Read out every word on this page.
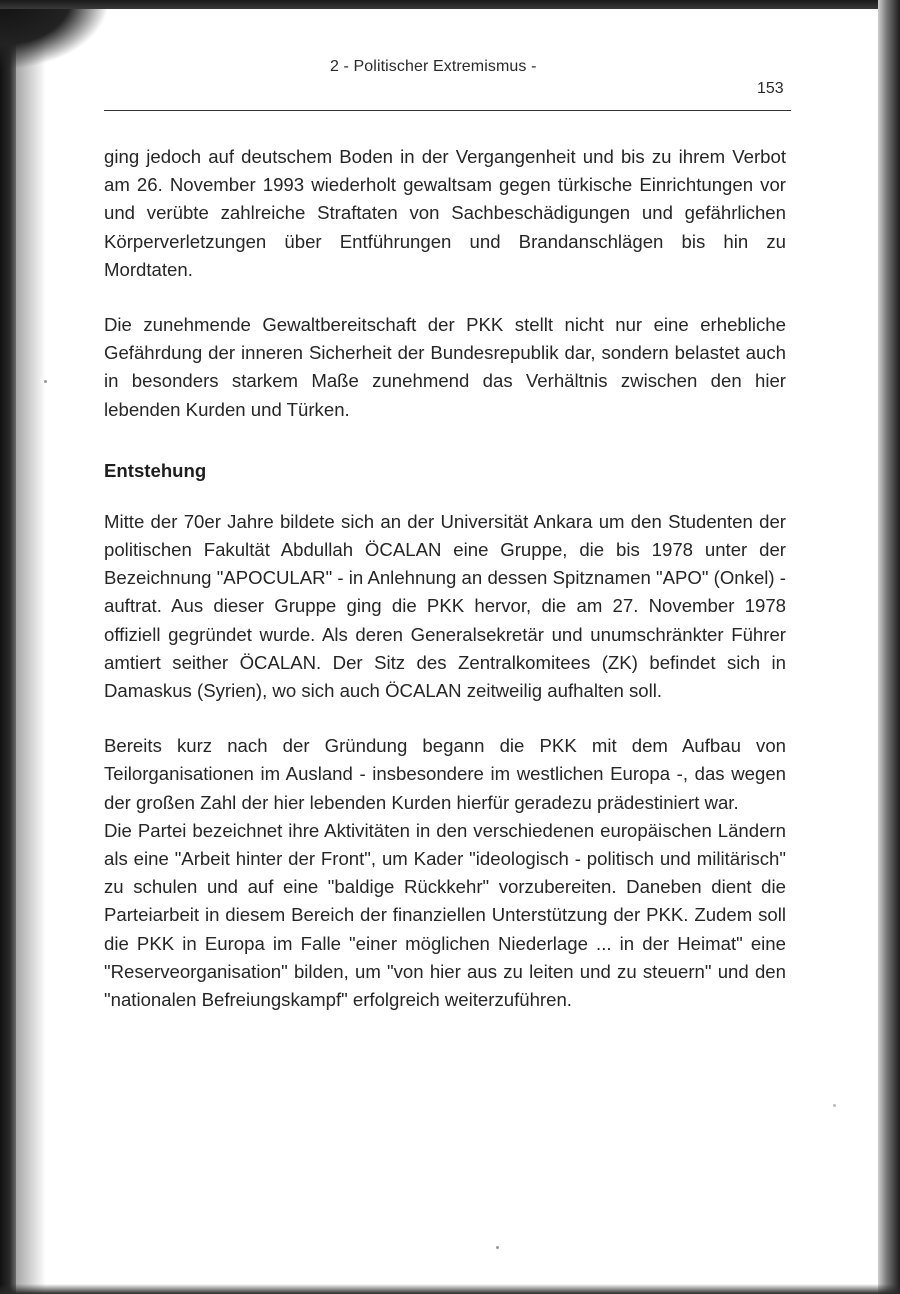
2 - Politischer Extremismus -
153

ging jedoch auf deutschem Boden in der Vergangenheit und bis zu ihrem Verbot am 26. November 1993 wiederholt gewaltsam gegen türkische Einrichtungen vor und verübte zahlreiche Straftaten von Sachbeschädigungen und gefährlichen Körperverletzungen über Entführungen und Brandanschlägen bis hin zu Mordtaten.

Die zunehmende Gewaltbereitschaft der PKK stellt nicht nur eine erhebliche Gefährdung der inneren Sicherheit der Bundesrepublik dar, sondern belastet auch in besonders starkem Maße zunehmend das Verhältnis zwischen den hier lebenden Kurden und Türken.

Entstehung

Mitte der 70er Jahre bildete sich an der Universität Ankara um den Studenten der politischen Fakultät Abdullah ÖCALAN eine Gruppe, die bis 1978 unter der Bezeichnung "APOCULAR" - in Anlehnung an dessen Spitznamen "APO" (Onkel) - auftrat. Aus dieser Gruppe ging die PKK hervor, die am 27. November 1978 offiziell gegründet wurde. Als deren Generalsekretär und unumschränkter Führer amtiert seither ÖCALAN. Der Sitz des Zentralkomitees (ZK) befindet sich in Damaskus (Syrien), wo sich auch ÖCALAN zeitweilig aufhalten soll.

Bereits kurz nach der Gründung begann die PKK mit dem Aufbau von Teilorganisationen im Ausland - insbesondere im westlichen Europa -, das wegen der großen Zahl der hier lebenden Kurden hierfür geradezu prädestiniert war.

Die Partei bezeichnet ihre Aktivitäten in den verschiedenen europäischen Ländern als eine "Arbeit hinter der Front", um Kader "ideologisch - politisch und militärisch" zu schulen und auf eine "baldige Rückkehr" vorzubereiten. Daneben dient die Parteiarbeit in diesem Bereich der finanziellen Unterstützung der PKK. Zudem soll die PKK in Europa im Falle "einer möglichen Niederlage ... in der Heimat" eine "Reserveorganisation" bilden, um "von hier aus zu leiten und zu steuern" und den "nationalen Befreiungskampf" erfolgreich weiterzuführen.
